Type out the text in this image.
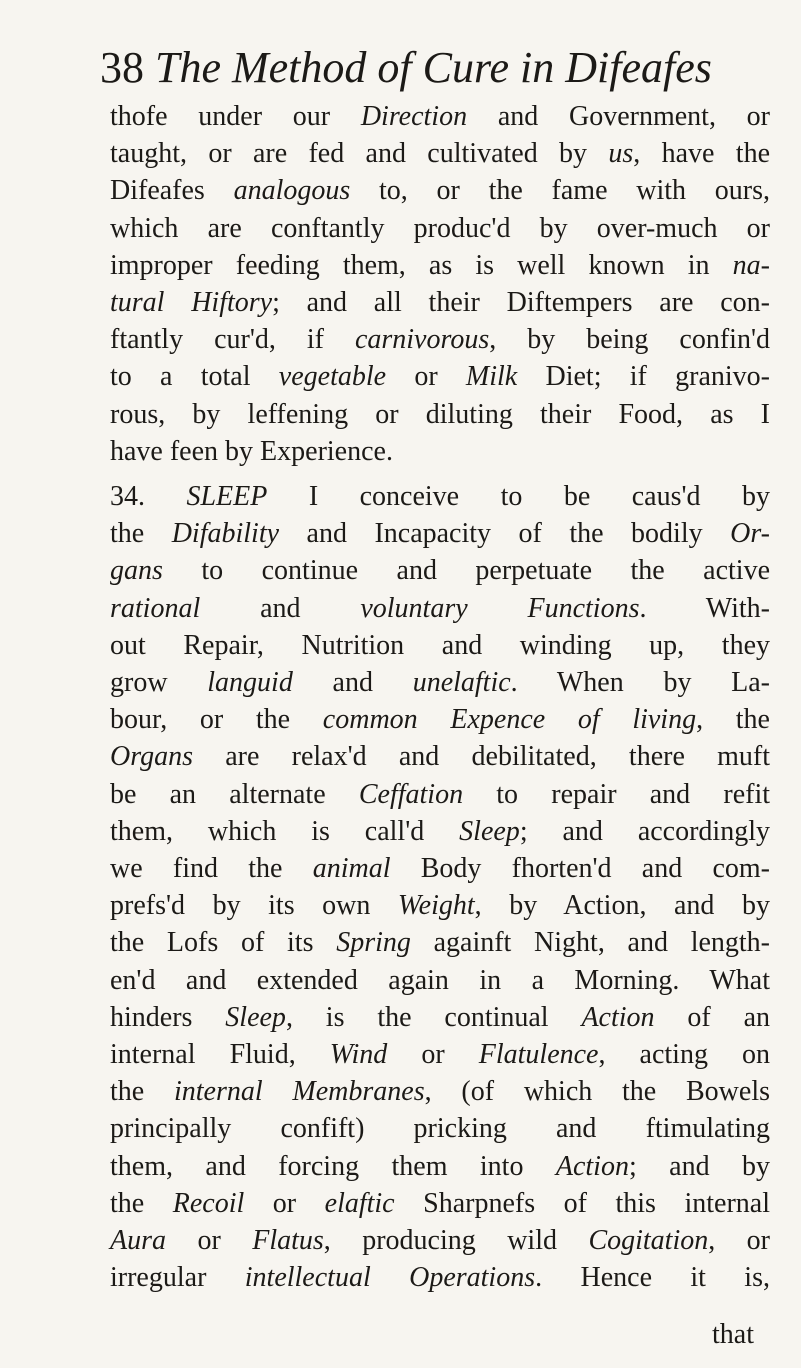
38 The Method of Cure in Difeafes
thofe under our Direction and Government, or
taught, or are fed and cultivated by us, have the
Difeafes analogous to, or the fame with ours,
which are conftantly produc'd by over-much or
improper feeding them, as is well known in na-
tural Hiftory; and all their Diftempers are con-
ftantly cur'd, if carnivorous, by being confin'd
to a total vegetable or Milk Diet; if granivo-
rous, by leffening or diluting their Food, as I
have feen by Experience.
34. SLEEP I conceive to be caus'd by
the Difability and Incapacity of the bodily Or-
gans to continue and perpetuate the active
rational and voluntary Functions. With-
out Repair, Nutrition and winding up, they
grow languid and unelaftic. When by La-
bour, or the common Expence of living, the
Organs are relax'd and debilitated, there muft
be an alternate Ceffation to repair and refit
them, which is call'd Sleep; and accordingly
we find the animal Body fhorten'd and com-
prefs'd by its own Weight, by Action, and by
the Lofs of its Spring againft Night, and length-
en'd and extended again in a Morning. What
hinders Sleep, is the continual Action of an
internal Fluid, Wind or Flatulence, acting on
the internal Membranes, (of which the Bowels
principally confift) pricking and ftimulating
them, and forcing them into Action; and by
the Recoil or elaftic Sharpnefs of this internal
Aura or Flatus, producing wild Cogitation, or
irregular intellectual Operations. Hence it is,
that
